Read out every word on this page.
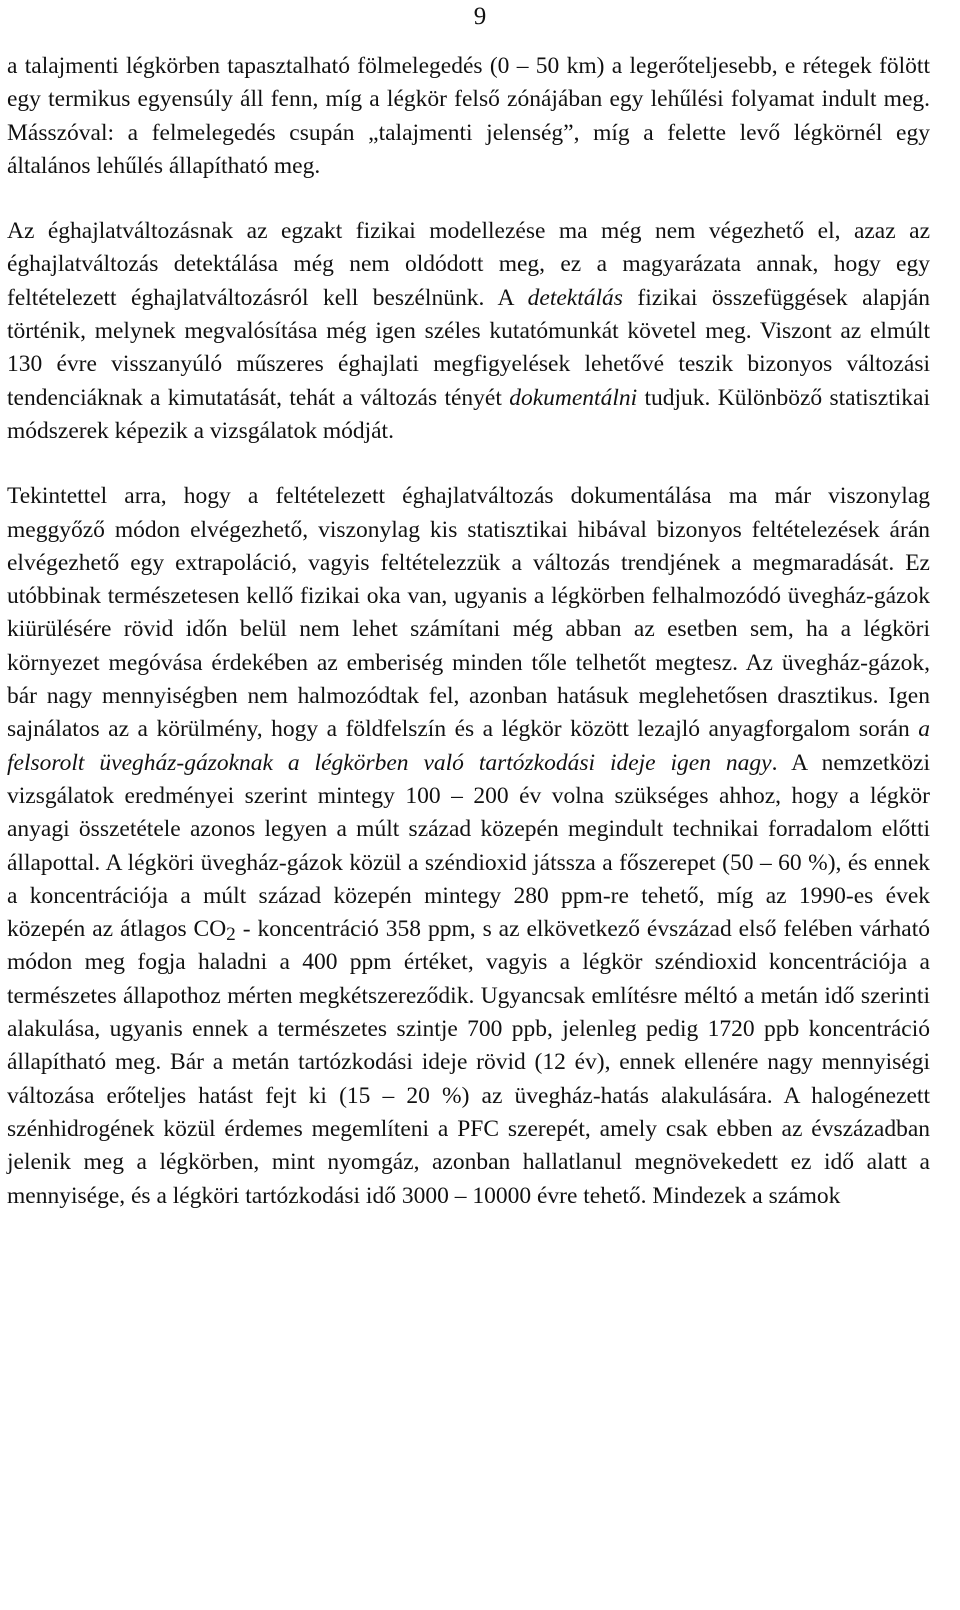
9

a talajmenti légkörben tapasztalható fölmelegedés (0 – 50 km) a legerőteljesebb, e rétegek fölött egy termikus egyensúly áll fenn, míg a légkör felső zónájában egy lehűlési folyamat indult meg. Másszóval: a felmelegedés csupán „talajmenti jelenség”, míg a felette levő légkörnél egy általános lehűlés állapítható meg.

Az éghajlatváltozásnak az egzakt fizikai modellezése ma még nem végezhető el, azaz az éghajlatváltozás detektálása még nem oldódott meg, ez a magyarázata annak, hogy egy feltételezett éghajlatváltozásról kell beszélnünk. A detektálás fizikai összefüggések alapján történik, melynek megvalósítása még igen széles kutatómunkát követel meg. Viszont az elmúlt 130 évre visszanyúló műszeres éghajlati megfigyelések lehetővé teszik bizonyos változási tendenciáknak a kimutatását, tehát a változás tényét dokumentálni tudjuk. Különböző statisztikai módszerek képezik a vizsgálatok módját.

Tekintettel arra, hogy a feltételezett éghajlatváltozás dokumentálása ma már viszonylag meggyőző módon elvégezhető, viszonylag kis statisztikai hibával bizonyos feltételezések árán elvégezhető egy extrapoláció, vagyis feltételezzük a változás trendjének a megmaradását. Ez utóbbinak természetesen kellő fizikai oka van, ugyanis a légkörben felhalmozódó üvegház-gázok kiürülésére rövid időn belül nem lehet számítani még abban az esetben sem, ha a légköri környezet megóvása érdekében az emberiség minden tőle telhetőt megtesz. Az üvegház-gázok, bár nagy mennyiségben nem halmozódtak fel, azonban hatásuk meglehetősen drasztikus. Igen sajnálatos az a körülmény, hogy a földfelszín és a légkör között lezajló anyagforgalom során a felsorolt üvegház-gázoknak a légkörben való tartózkodási ideje igen nagy. A nemzetközi vizsgálatok eredményei szerint mintegy 100 – 200 év volna szükséges ahhoz, hogy a légkör anyagi összetétele azonos legyen a múlt század közepén megindult technikai forradalom előtti állapottal. A légköri üvegház-gázok közül a széndioxid játssza a főszerepet (50 – 60 %), és ennek a koncentrációja a múlt század közepén mintegy 280 ppm-re tehető, míg az 1990-es évek közepén az átlagos $CO_2$ - koncentráció 358 ppm, s az elkövetkező évszázad első felében várható módon meg fogja haladni a 400 ppm értéket, vagyis a légkör széndioxid koncentrációja a természetes állapothoz mérten megkétszereződik. Ugyancsak említésre méltó a metán idő szerinti alakulása, ugyanis ennek a természetes szintje 700 ppb, jelenleg pedig 1720 ppb koncentráció állapítható meg. Bár a metán tartózkodási ideje rövid (12 év), ennek ellenére nagy mennyiségi változása erőteljes hatást fejt ki (15 – 20 %) az üvegház-hatás alakulására. A halogénezett szénhidrogének közül érdemes megemlíteni a PFC szerepét, amely csak ebben az évszázadban jelenik meg a légkörben, mint nyomgáz, azonban hallatlanul megnövekedett ez idő alatt a mennyisége, és a légköri tartózkodási idő 3000 – 10000 évre tehető. Mindezek a számok
